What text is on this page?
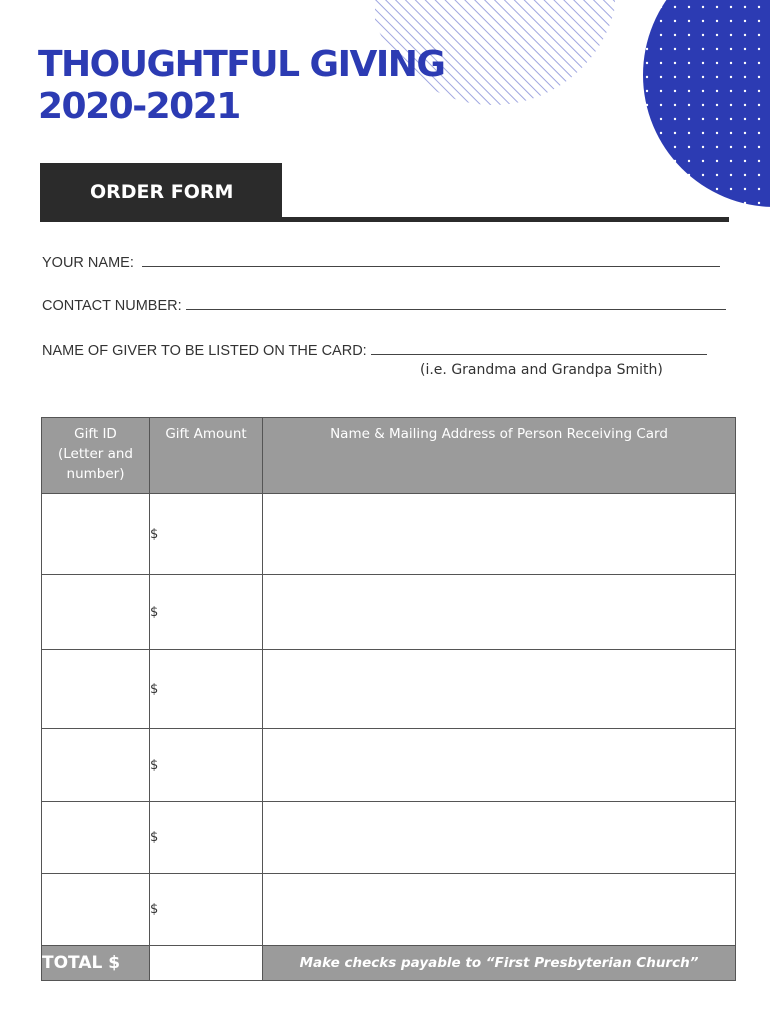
THOUGHTFUL GIVING
2020-2021
ORDER FORM
YOUR NAME:
CONTACT NUMBER:
NAME OF GIVER TO BE LISTED ON THE CARD:
(i.e. Grandma and Grandpa Smith)
Gift ID
(Letter and
number)	Gift Amount	Name & Mailing Address of Person Receiving Card
	$	
	$	
	$	
	$	
	$	
	$	
TOTAL $		Make checks payable to “First Presbyterian Church”
